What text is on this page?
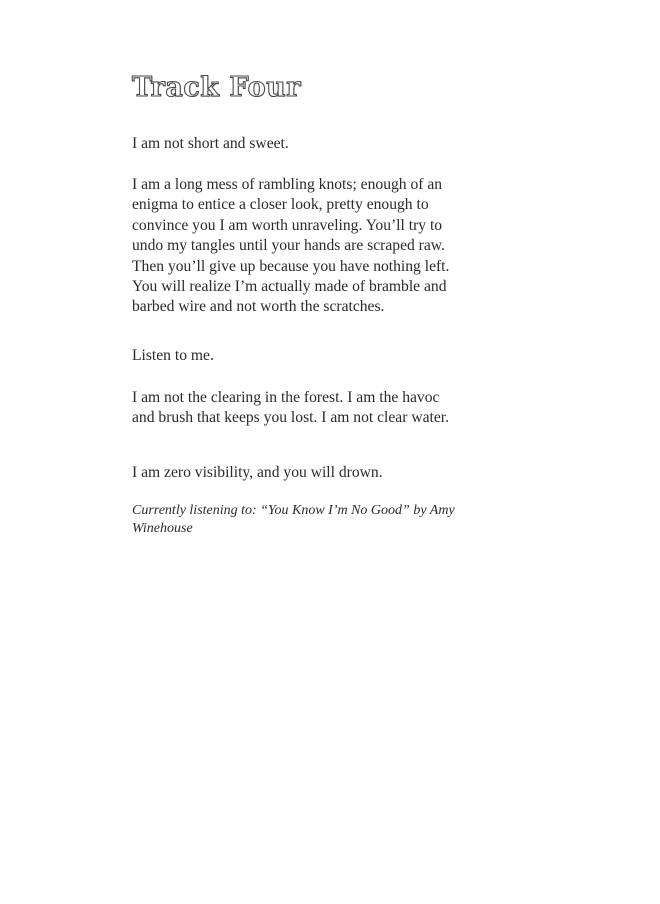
Track Four

I am not short and sweet.

I am a long mess of rambling knots; enough of an enigma to entice a closer look, pretty enough to convince you I am worth unraveling. You’ll try to undo my tangles until your hands are scraped raw. Then you’ll give up because you have nothing left. You will realize I’m actually made of bramble and barbed wire and not worth the scratches.

Listen to me.

I am not the clearing in the forest. I am the havoc and brush that keeps you lost. I am not clear water.

I am zero visibility, and you will drown.

Currently listening to: “You Know I’m No Good” by Amy Winehouse
